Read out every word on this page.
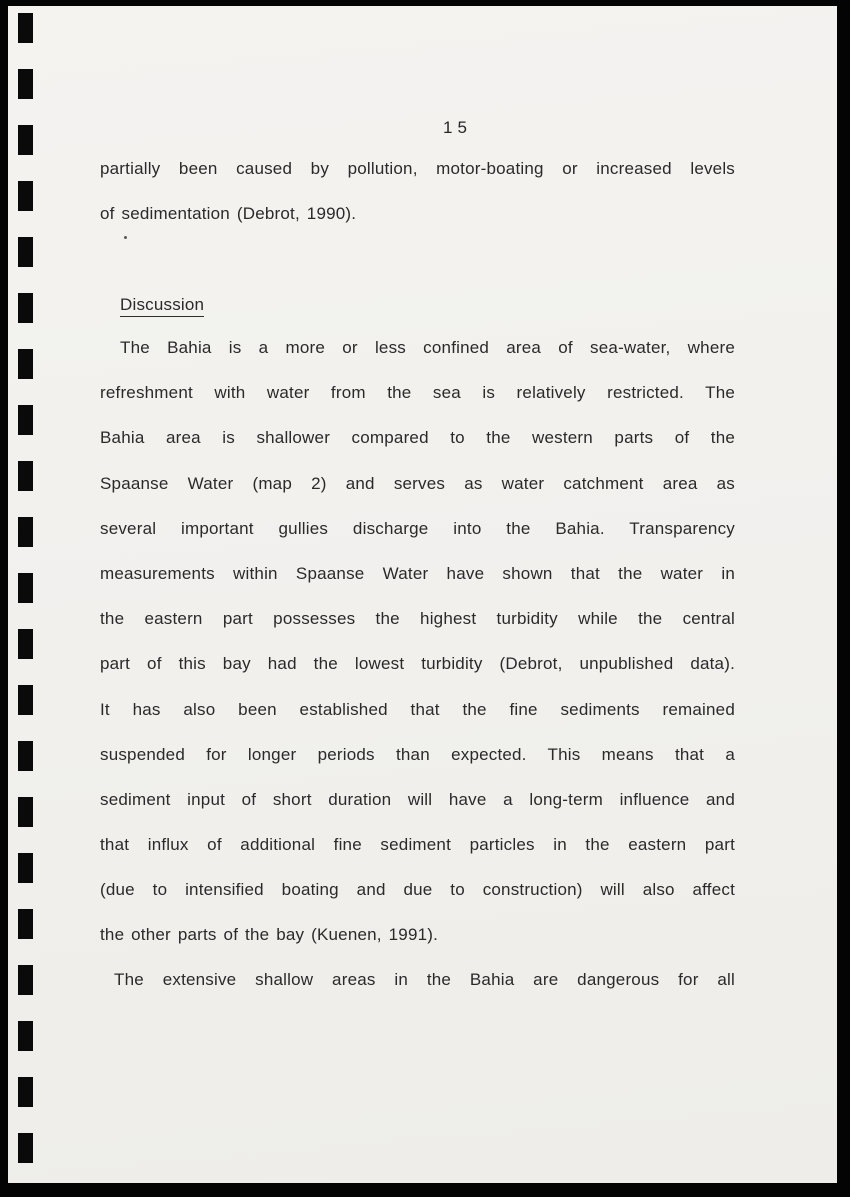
15
partially been caused by pollution, motor-boating or increased levels
of sedimentation (Debrot, 1990).
Discussion
The Bahia is a more or less confined area of sea-water, where
refreshment with water from the sea is relatively restricted. The
Bahia area is shallower compared to the western parts of the
Spaanse Water (map 2) and serves as water catchment area as
several important gullies discharge into the Bahia. Transparency
measurements within Spaanse Water have shown that the water in
the eastern part possesses the highest turbidity while the central
part of this bay had the lowest turbidity (Debrot, unpublished data).
It has also been established that the fine sediments remained
suspended for longer periods than expected. This means that a
sediment input of short duration will have a long-term influence and
that influx of additional fine sediment particles in the eastern part
(due to intensified boating and due to construction) will also affect
the other parts of the bay (Kuenen, 1991).
The extensive shallow areas in the Bahia are dangerous for all
